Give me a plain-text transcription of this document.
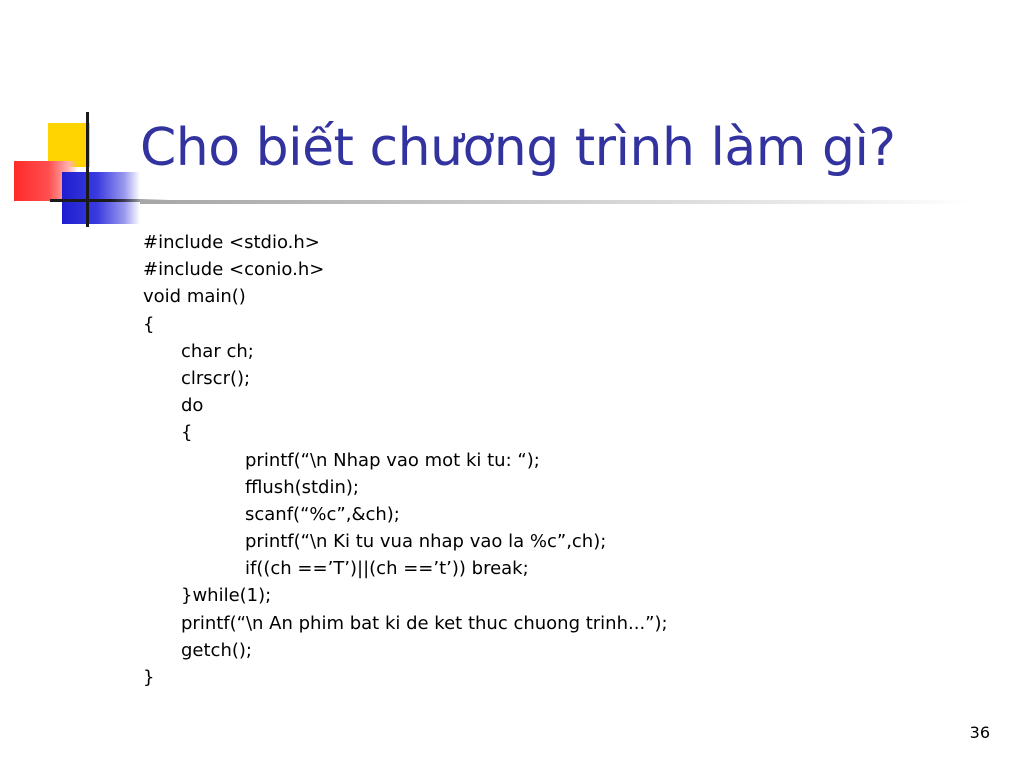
Cho biết chương trình làm gì?
#include <stdio.h>
#include <conio.h>
void main()
{
char ch;
clrscr();
do
{
printf(“\n Nhap vao mot ki tu: “);
fflush(stdin);
scanf(“%c”,&ch);
printf(“\n Ki tu vua nhap vao la %c”,ch);
if((ch ==’T’)||(ch ==’t’)) break;
}while(1);
printf(“\n An phim bat ki de ket thuc chuong trinh...”);
getch();
}
36
